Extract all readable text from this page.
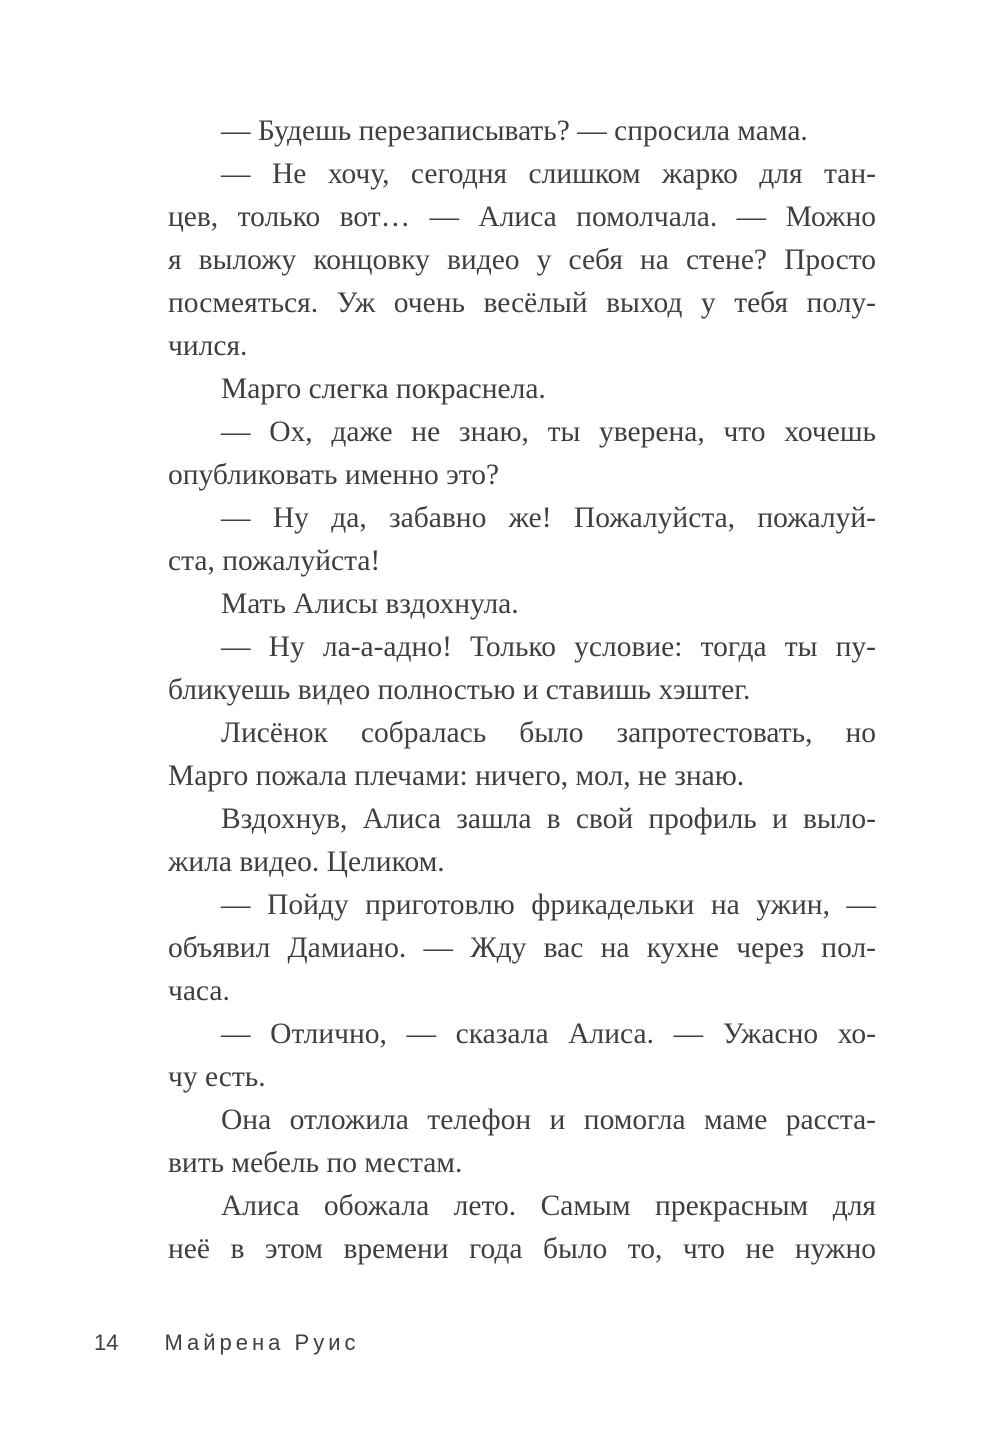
— Будешь перезаписывать? — спросила мама.
— Не хочу, сегодня слишком жарко для тан-
цев, только вот… — Алиса помолчала. — Можно
я выложу концовку видео у себя на стене? Просто
посмеяться. Уж очень весёлый выход у тебя полу-
чился.
Марго слегка покраснела.
— Ох, даже не знаю, ты уверена, что хочешь
опубликовать именно это?
— Ну да, забавно же! Пожалуйста, пожалуй-
ста, пожалуйста!
Мать Алисы вздохнула.
— Ну ла-а-адно! Только условие: тогда ты пу-
бликуешь видео полностью и ставишь хэштег.
Лисёнок собралась было запротестовать, но
Марго пожала плечами: ничего, мол, не знаю.
Вздохнув, Алиса зашла в свой профиль и выло-
жила видео. Целиком.
— Пойду приготовлю фрикадельки на ужин, —
объявил Дамиано. — Жду вас на кухне через пол-
часа.
— Отлично, — сказала Алиса. — Ужасно хо-
чу есть.
Она отложила телефон и помогла маме расста-
вить мебель по местам.
Алиса обожала лето. Самым прекрасным для
неё в этом времени года было то, что не нужно
14 Майрена Руис
